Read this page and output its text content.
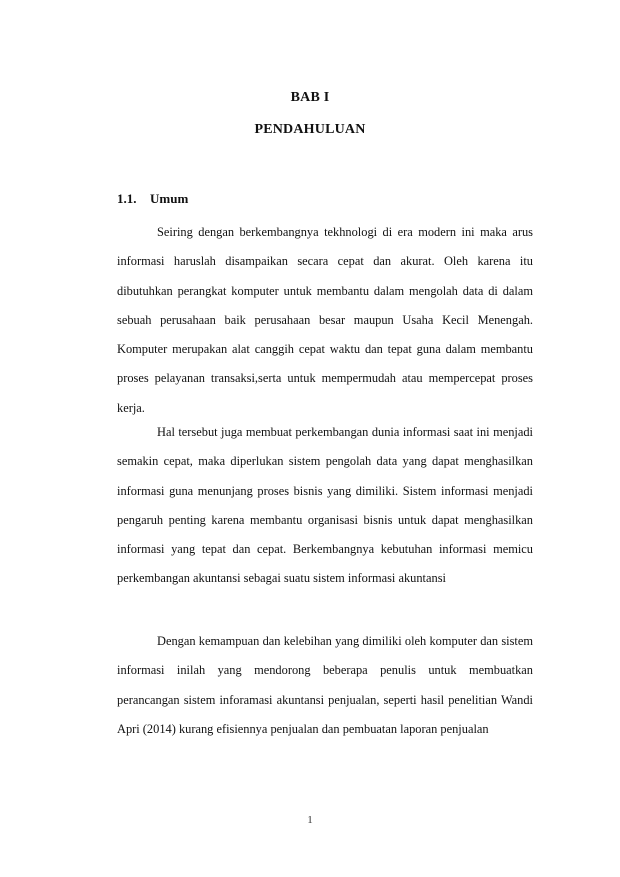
BAB I
PENDAHULUAN
1.1. Umum

Seiring dengan berkembangnya tekhnologi di era modern ini maka arus informasi haruslah disampaikan secara cepat dan akurat. Oleh karena itu dibutuhkan perangkat komputer untuk membantu dalam mengolah data di dalam sebuah perusahaan baik perusahaan besar maupun Usaha Kecil Menengah. Komputer merupakan alat canggih cepat waktu dan tepat guna dalam membantu proses pelayanan transaksi,serta untuk mempermudah atau mempercepat proses kerja.

Hal tersebut juga membuat perkembangan dunia informasi saat ini menjadi semakin cepat, maka diperlukan sistem pengolah data yang dapat menghasilkan informasi guna menunjang proses bisnis yang dimiliki. Sistem informasi menjadi pengaruh penting karena membantu organisasi bisnis untuk dapat menghasilkan informasi yang tepat dan cepat. Berkembangnya kebutuhan informasi memicu perkembangan akuntansi sebagai suatu sistem informasi akuntansi

Dengan kemampuan dan kelebihan yang dimiliki oleh komputer dan sistem informasi inilah yang mendorong beberapa penulis untuk membuatkan perancangan sistem inforamasi akuntansi penjualan, seperti hasil penelitian Wandi Apri (2014) kurang efisiennya penjualan dan pembuatan laporan penjualan

1
